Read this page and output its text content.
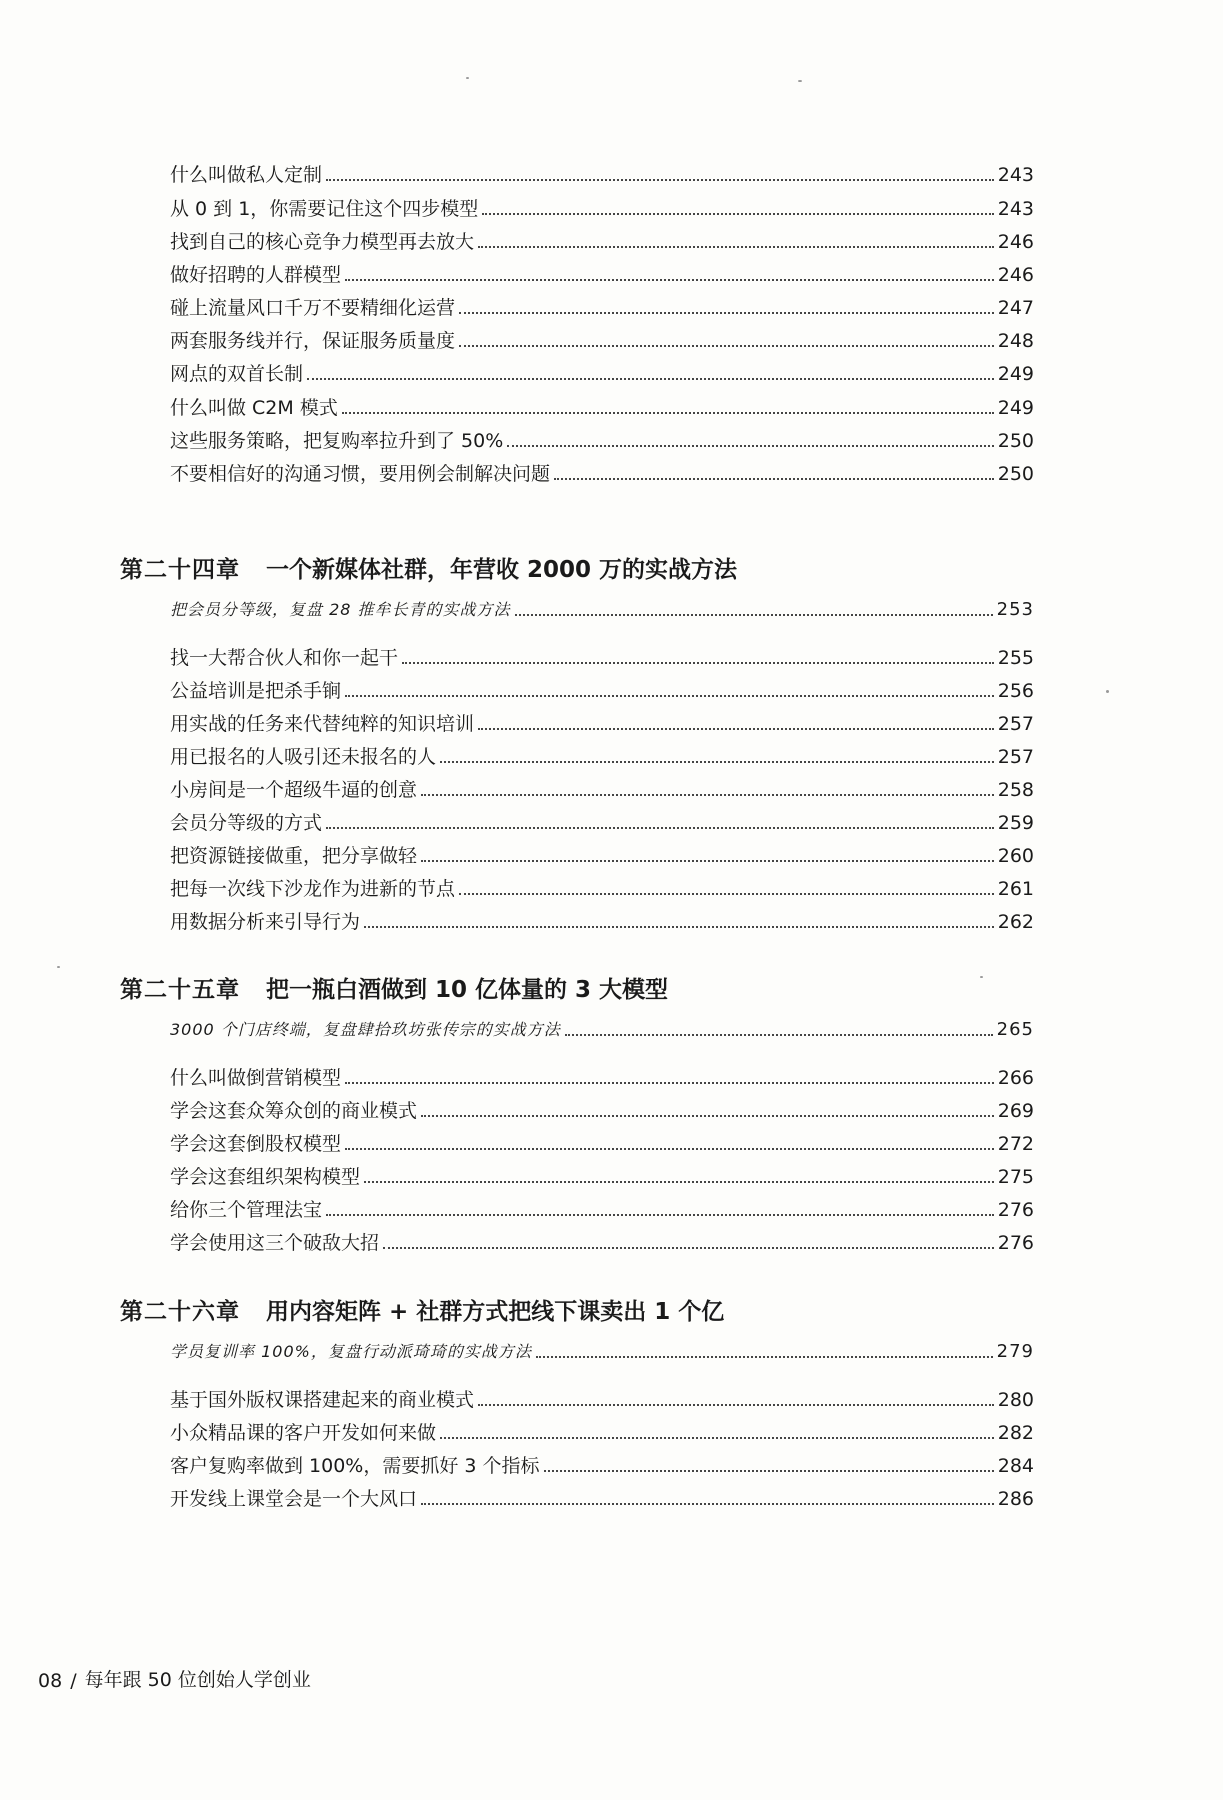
什么叫做私人定制	243
从 0 到 1，你需要记住这个四步模型	243
找到自己的核心竞争力模型再去放大	246
做好招聘的人群模型	246
碰上流量风口千万不要精细化运营	247
两套服务线并行，保证服务质量度	248
网点的双首长制	249
什么叫做 C2M 模式	249
这些服务策略，把复购率拉升到了 50%	250
不要相信好的沟通习惯，要用例会制解决问题	250
第二十四章 一个新媒体社群，年营收 2000 万的实战方法
把会员分等级，复盘 28 推牟长青的实战方法	253
找一大帮合伙人和你一起干	255
公益培训是把杀手锏	256
用实战的任务来代替纯粹的知识培训	257
用已报名的人吸引还未报名的人	257
小房间是一个超级牛逼的创意	258
会员分等级的方式	259
把资源链接做重，把分享做轻	260
把每一次线下沙龙作为进新的节点	261
用数据分析来引导行为	262
第二十五章 把一瓶白酒做到 10 亿体量的 3 大模型
3000 个门店终端，复盘肆拾玖坊张传宗的实战方法	265
什么叫做倒营销模型	266
学会这套众筹众创的商业模式	269
学会这套倒股权模型	272
学会这套组织架构模型	275
给你三个管理法宝	276
学会使用这三个破敌大招	276
第二十六章 用内容矩阵 + 社群方式把线下课卖出 1 个亿
学员复训率 100%，复盘行动派琦琦的实战方法	279
基于国外版权课搭建起来的商业模式	280
小众精品课的客户开发如何来做	282
客户复购率做到 100%，需要抓好 3 个指标	284
开发线上课堂会是一个大风口	286
08 / 每年跟 50 位创始人学创业
